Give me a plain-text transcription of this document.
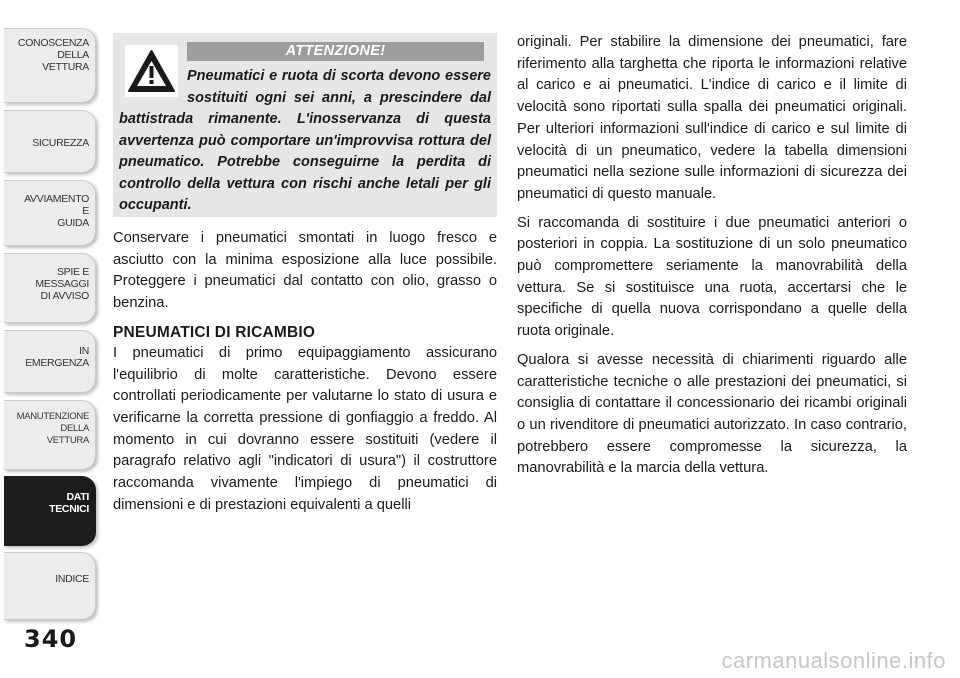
CONOSCENZA
DELLA
VETTURA
SICUREZZA
AVVIAMENTO
E
GUIDA
SPIE E
MESSAGGI
DI AVVISO
IN
EMERGENZA
MANUTENZIONE
DELLA
VETTURA
DATI
TECNICI
INDICE
340
ATTENZIONE!
Pneumatici e ruota di scorta devono essere sostituiti ogni sei anni, a prescindere dal battistrada rimanente. L'inosservanza di questa avvertenza può comportare un'improvvisa rottura del pneumatico. Potrebbe conseguirne la perdita di controllo della vettura con rischi anche letali per gli occupanti.

Conservare i pneumatici smontati in luogo fresco e asciutto con la minima esposizione alla luce possibile. Proteggere i pneumatici dal contatto con olio, grasso o benzina.

PNEUMATICI DI RICAMBIO

I pneumatici di primo equipaggiamento assicurano l'equilibrio di molte caratteristiche. Devono essere controllati periodicamente per valutarne lo stato di usura e verificarne la corretta pressione di gonfiaggio a freddo. Al momento in cui dovranno essere sostituiti (vedere il paragrafo relativo agli "indicatori di usura") il costruttore raccomanda vivamente l'impiego di pneumatici di dimensioni e di prestazioni equivalenti a quelli

originali. Per stabilire la dimensione dei pneumatici, fare riferimento alla targhetta che riporta le informazioni relative al carico e ai pneumatici. L'indice di carico e il limite di velocità sono riportati sulla spalla dei pneumatici originali. Per ulteriori informazioni sull'indice di carico e sul limite di velocità di un pneumatico, vedere la tabella dimensioni pneumatici nella sezione sulle informazioni di sicurezza dei pneumatici di questo manuale.

Si raccomanda di sostituire i due pneumatici anteriori o posteriori in coppia. La sostituzione di un solo pneumatico può compromettere seriamente la manovrabilità della vettura. Se si sostituisce una ruota, accertarsi che le specifiche di quella nuova corrispondano a quelle della ruota originale.

Qualora si avesse necessità di chiarimenti riguardo alle caratteristiche tecniche o alle prestazioni dei pneumatici, si consiglia di contattare il concessionario dei ricambi originali o un rivenditore di pneumatici autorizzato. In caso contrario, potrebbero essere compromesse la sicurezza, la manovrabilità e la marcia della vettura.

carmanualsonline.info
